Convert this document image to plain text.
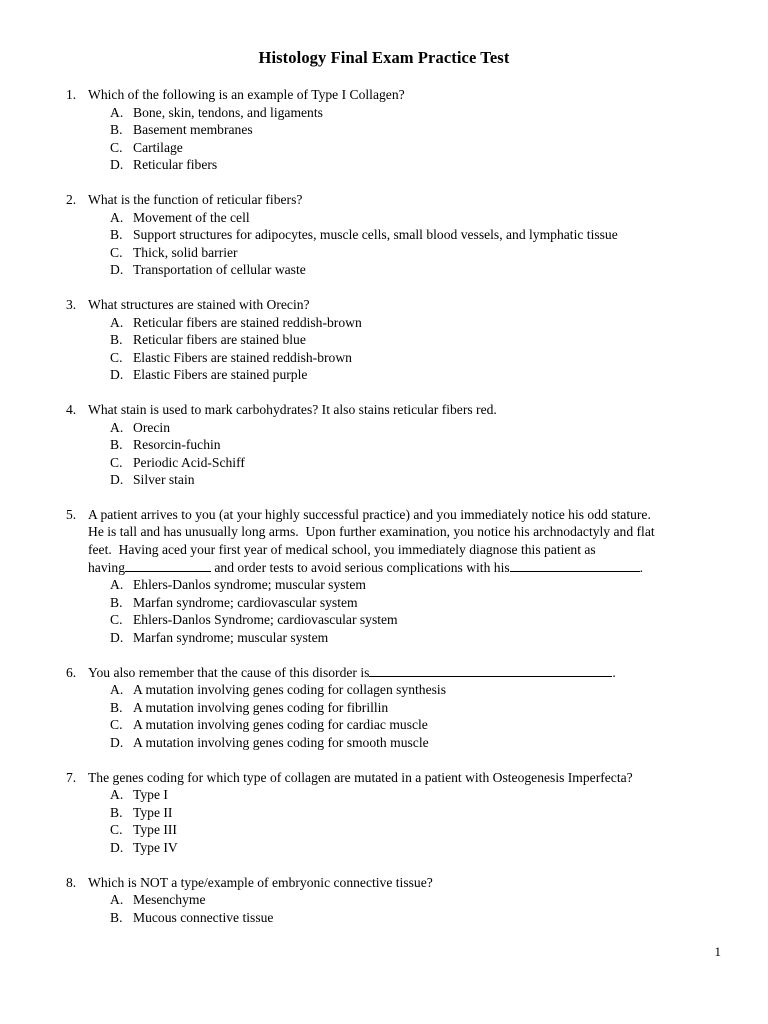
Histology Final Exam Practice Test
1. Which of the following is an example of Type I Collagen?
A. Bone, skin, tendons, and ligaments
B. Basement membranes
C. Cartilage
D. Reticular fibers
2. What is the function of reticular fibers?
A. Movement of the cell
B. Support structures for adipocytes, muscle cells, small blood vessels, and lymphatic tissue
C. Thick, solid barrier
D. Transportation of cellular waste
3. What structures are stained with Orecin?
A. Reticular fibers are stained reddish-brown
B. Reticular fibers are stained blue
C. Elastic Fibers are stained reddish-brown
D. Elastic Fibers are stained purple
4. What stain is used to mark carbohydrates? It also stains reticular fibers red.
A. Orecin
B. Resorcin-fuchin
C. Periodic Acid-Schiff
D. Silver stain
5. A patient arrives to you (at your highly successful practice) and you immediately notice his odd stature.
He is tall and has unusually long arms.  Upon further examination, you notice his archnodactyly and flat
feet.  Having aced your first year of medical school, you immediately diagnose this patient as
having	and order tests to avoid serious complications with his	.
A. Ehlers-Danlos syndrome; muscular system
B. Marfan syndrome; cardiovascular system
C. Ehlers-Danlos Syndrome; cardiovascular system
D. Marfan syndrome; muscular system
6. You also remember that the cause of this disorder is	.
A. A mutation involving genes coding for collagen synthesis
B. A mutation involving genes coding for fibrillin
C. A mutation involving genes coding for cardiac muscle
D. A mutation involving genes coding for smooth muscle
7. The genes coding for which type of collagen are mutated in a patient with Osteogenesis Imperfecta?
A. Type I
B. Type II
C. Type III
D. Type IV
8. Which is NOT a type/example of embryonic connective tissue?
A. Mesenchyme
B. Mucous connective tissue
1
